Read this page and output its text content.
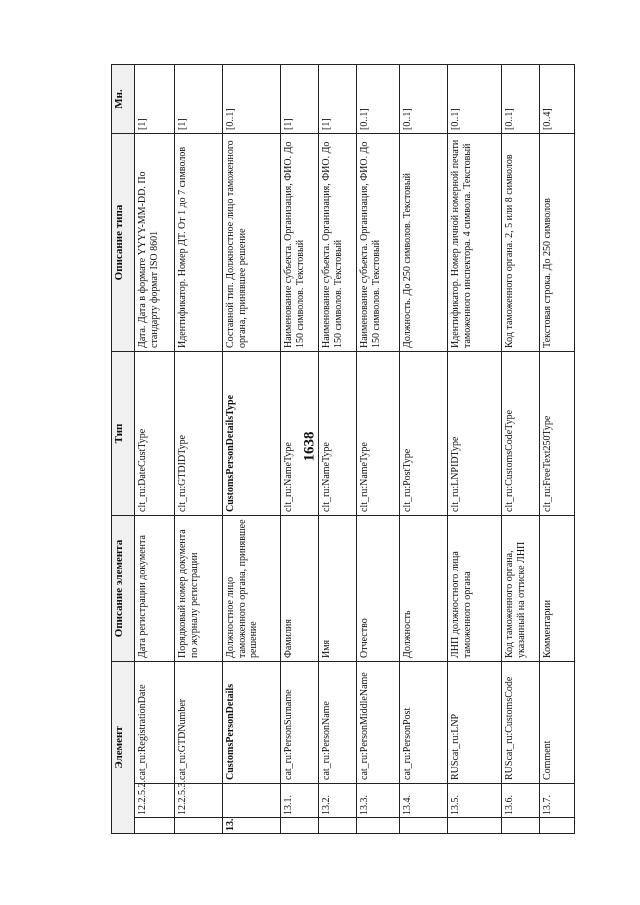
1638
Элемент			Описание элемента	Тип	Описание типа	Мн.
	12.2.5.2.	cat_ru:RegistrationDate	Дата регистрации документа	clt_ru:DateCustType	Дата. Дата в формате YYYY-MM-DD. По стандарту формат ISO 8601	[1]
	12.2.5.3.	cat_ru:GTDNumber	Порядковый номер документа по журналу регистрации	clt_ru:GTDIDType	Идентификатор. Номер ДТ. От 1 до 7 символов	[1]
13.		CustomsPersonDetails	Должностное лицо таможенного органа, принявшее решение	CustomsPersonDetailsType	Составной тип. Должностное лицо таможенного органа, принявшее решение	[0..1]
	13.1.	cat_ru:PersonSurname	Фамилия	clt_ru:NameType	Наименование субъекта. Организация, ФИО. До 150 символов. Текстовый	[1]
	13.2.	cat_ru:PersonName	Имя	clt_ru:NameType	Наименование субъекта. Организация, ФИО. До 150 символов. Текстовый	[1]
	13.3.	cat_ru:PersonMiddleName	Отчество	clt_ru:NameType	Наименование субъекта. Организация, ФИО. До 150 символов. Текстовый	[0..1]
	13.4.	cat_ru:PersonPost	Должность	clt_ru:PostType	Должность. До 250 символов. Текстовый	[0..1]
	13.5.	RUScat_ru:LNP	ЛНП должностного лица таможенного органа	clt_ru:LNPIDType	Идентификатор. Номер личной номерной печати таможенного инспектора. 4 символа. Текстовый	[0..1]
	13.6.	RUScat_ru:CustomsCode	Код таможенного органа, указанный на оттиске ЛНП	clt_ru:CustomsCodeType	Код таможенного органа. 2, 5 или 8 символов	[0..1]
	13.7.	Comment	Комментарии	clt_ru:FreeText250Type	Текстовая строка. До 250 символов	[0..4]
